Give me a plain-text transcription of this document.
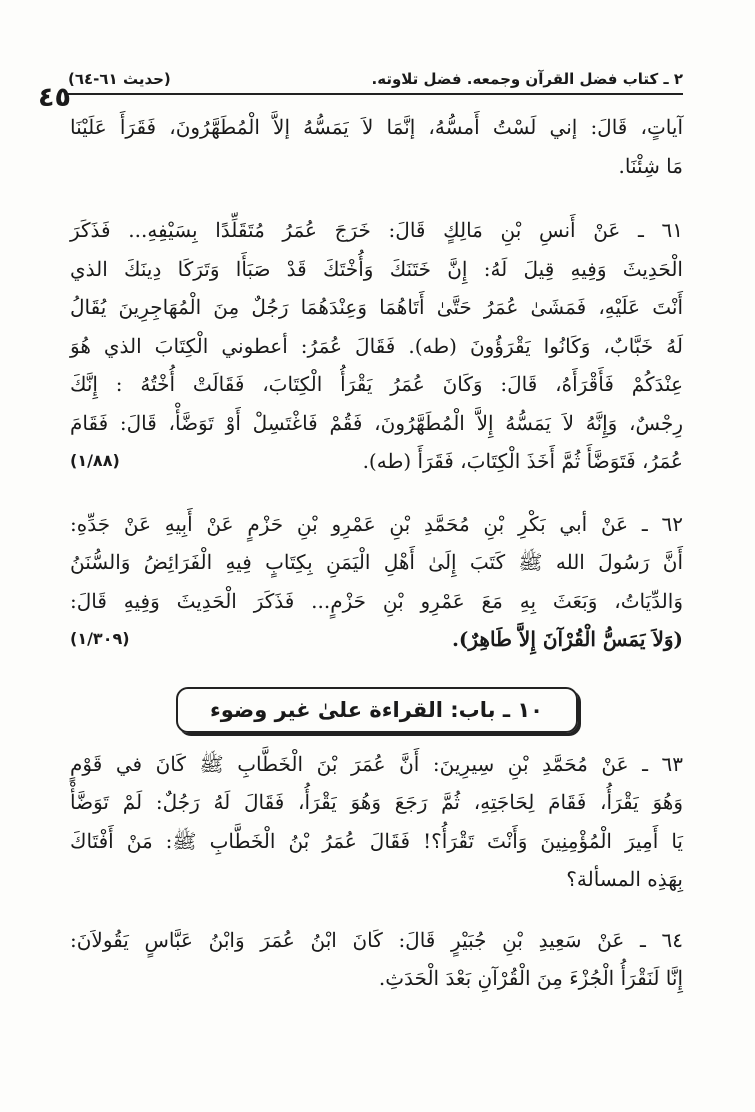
٤٥
٢ ـ كتاب فضل القرآن وجمعه. فضل تلاوته.
(حديث ٦١-٦٤)
آياتٍ، قَالَ: إني لَسْتُ أَمسُّهُ، إنَّمَا لاَ يَمَسُّهُ إلاَّ الْمُطَهَّرُونَ، فَقَرَأَ عَلَيْنَا
مَا شِئْنَا.
٦١ ـ عَنْ أَنسِ بْنِ مَالِكٍ قَالَ: خَرَجَ عُمَرُ مُتَقَلِّدًا بِسَيْفِهِ... فَذَكَرَ
الْحَدِيثَ وَفِيهِ قِيلَ لَهُ: إِنَّ خَتَنَكَ وَأُخْتَكَ قَدْ صَبَأَا وَتَرَكَا دِينَكَ الذي
أَنْتَ عَلَيْهِ، فَمَشَىٰ عُمَرُ حَتَّىٰ أَتَاهُمَا وَعِنْدَهُمَا رَجُلٌ مِنَ الْمُهَاجِرِينَ يُقَالُ
لَهُ خَبَّابٌ، وَكَانُوا يَقْرَؤُونَ (طه). فَقَالَ عُمَرُ: أعطوني الْكِتَابَ الذي هُوَ
عِنْدَكُمْ فَأَقْرَأَهُ، قَالَ: وَكَانَ عُمَرُ يَقْرَأُ الْكِتَابَ، فَقَالَتْ أُخْتُهُ : إِنَّكَ
رِجْسٌ، وَإِنَّهُ لاَ يَمَسُّهُ إِلاَّ الْمُطَهَّرُونَ، فَقُمْ فَاغْتَسِلْ أَوْ تَوَضَّأْ، قَالَ: فَقَامَ
عُمَرُ، فَتَوَضَّأَ ثُمَّ أَخَذَ الْكِتَابَ، فَقَرَأَ (طه).
(١/٨٨)
٦٢ ـ عَنْ أبي بَكْرِ بْنِ مُحَمَّدِ بْنِ عَمْرِو بْنِ حَزْمٍ عَنْ أَبِيهِ عَنْ جَدِّهِ:
أَنَّ رَسُولَ الله ﷺ كَتَبَ إِلَىٰ أَهْلِ الْيَمَنِ بِكِتَابٍ فِيهِ الْفَرَائِضُ وَالسُّنَنُ
وَالدِّيَاتُ، وَبَعَثَ بِهِ مَعَ عَمْرِو بْنِ حَزْمٍ... فَذَكَرَ الْحَدِيثَ وَفِيهِ قَالَ:
(وَلاَ يَمَسُّ الْقُرْآنَ إِلاَّ طَاهِرٌ).
(١/٣٠٩)
١٠ ـ باب: القراءة علىٰ غير وضوء
٦٣ ـ عَنْ مُحَمَّدِ بْنِ سِيرِينَ: أَنَّ عُمَرَ بْنَ الْخَطَّابِ ﷺ كَانَ في قَوْمٍ
وَهُوَ يَقْرَأُ، فَقَامَ لِحَاجَتِهِ، ثُمَّ رَجَعَ وَهُوَ يَقْرَأُ، فَقَالَ لَهُ رَجُلٌ: لَمْ تَوَضَّأْ
يَا أَمِيرَ الْمُؤْمِنِينَ وَأَنْتَ تَقْرَأُ؟! فَقَالَ عُمَرُ بْنُ الْخَطَّابِ ﷺ: مَنْ أَفْتَاكَ
بِهَذِه المسألة؟
٦٤ ـ عَنْ سَعِيدِ بْنِ جُبَيْرٍ قَالَ: كَانَ ابْنُ عُمَرَ وَابْنُ عَبَّاسٍ يَقُولاَنَ:
إِنَّا لَنَقْرَأُ الْجُزْءَ مِنَ الْقُرْآنِ بَعْدَ الْحَدَثِ.
